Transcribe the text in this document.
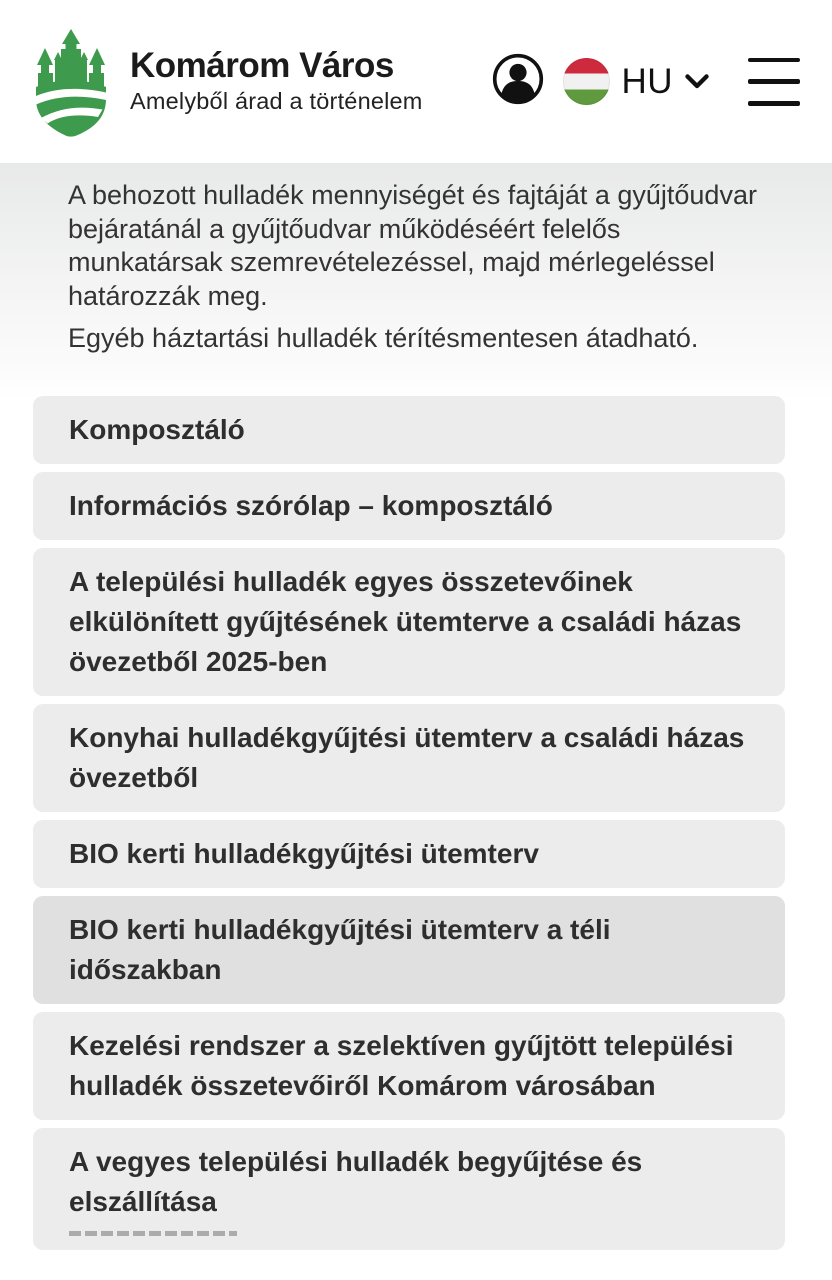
Komárom Város
Amelyből árad a történelem
HU

A behozott hulladék mennyiségét és fajtáját a gyűjtőudvar bejáratánál a gyűjtőudvar működéséért felelős munkatársak szemrevételezéssel, majd mérlegeléssel határozzák meg.

Egyéb háztartási hulladék térítésmentesen átadható.

Komposztáló
Információs szórólap – komposztáló
A települési hulladék egyes összetevőinek elkülönített gyűjtésének ütemterve a családi házas övezetből 2025-ben
Konyhai hulladékgyűjtési ütemterv a családi házas övezetből
BIO kerti hulladékgyűjtési ütemterv
BIO kerti hulladékgyűjtési ütemterv a téli időszakban
Kezelési rendszer a szelektíven gyűjtött települési hulladék összetevőiről Komárom városában
A vegyes települési hulladék begyűjtése és elszállítása
